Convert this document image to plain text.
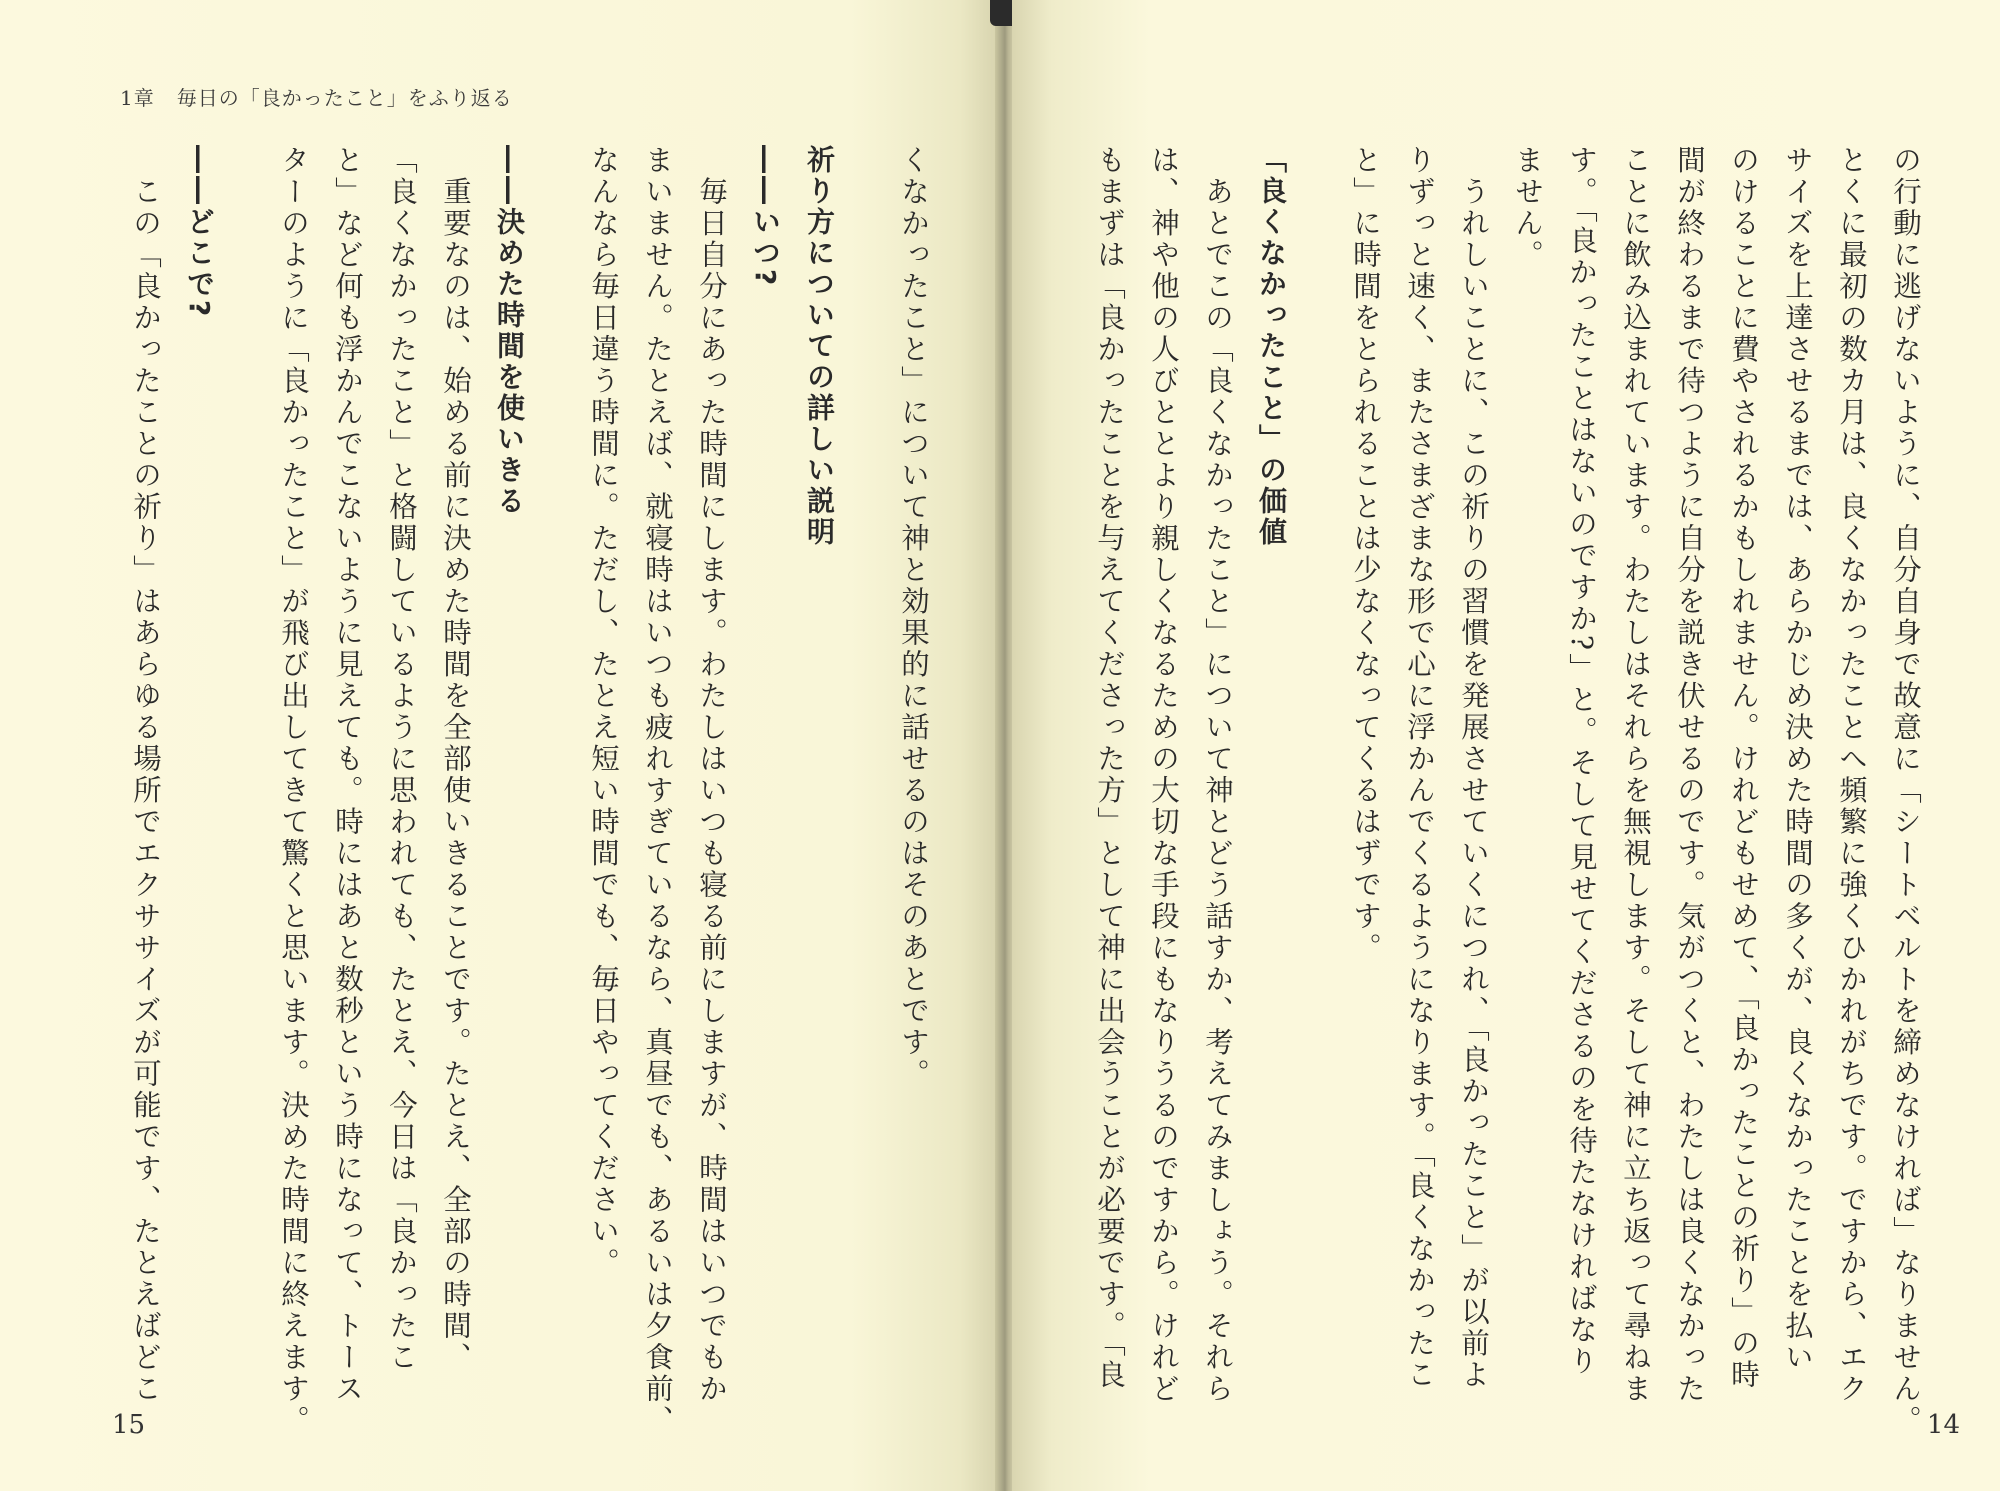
1章 毎日の「良かったこと」をふり返る
くなかったこと」について神と効果的に話せるのはそのあとです。
祈り方についての詳しい説明
――いつ?
　毎日自分にあった時間にします。わたしはいつも寝る前にしますが、時間はいつでもか
まいません。たとえば、就寝時はいつも疲れすぎているなら、真昼でも、あるいは夕食前、
なんなら毎日違う時間に。ただし、たとえ短い時間でも、毎日やってください。
――決めた時間を使いきる
　重要なのは、始める前に決めた時間を全部使いきることです。たとえ、全部の時間、
「良くなかったこと」と格闘しているように思われても、たとえ、今日は「良かったこ
と」など何も浮かんでこないように見えても。時にはあと数秒という時になって、トース
ターのように「良かったこと」が飛び出してきて驚くと思います。決めた時間に終えます。
――どこで?
　この「良かったことの祈り」はあらゆる場所でエクササイズが可能です、たとえばどこ
15	の行動に逃げないように、自分自身で故意に「シートベルトを締めなければ」なりません。
とくに最初の数カ月は、良くなかったことへ頻繁に強くひかれがちです。ですから、エク
サイズを上達させるまでは、あらかじめ決めた時間の多くが、良くなかったことを払い
のけることに費やされるかもしれません。けれどもせめて、「良かったことの祈り」の時
間が終わるまで待つように自分を説き伏せるのです。気がつくと、わたしは良くなかった
ことに飲み込まれています。わたしはそれらを無視します。そして神に立ち返って尋ねま
す。「良かったことはないのですか?」と。そして見せてくださるのを待たなければなり
ません。
　うれしいことに、この祈りの習慣を発展させていくにつれ、「良かったこと」が以前よ
りずっと速く、またさまざまな形で心に浮かんでくるようになります。「良くなかったこ
と」に時間をとられることは少なくなってくるはずです。
「良くなかったこと」の価値
　あとでこの「良くなかったこと」について神とどう話すか、考えてみましょう。それら
は、神や他の人びととより親しくなるための大切な手段にもなりうるのですから。けれど
もまずは「良かったことを与えてくださった方」として神に出会うことが必要です。「良
14
